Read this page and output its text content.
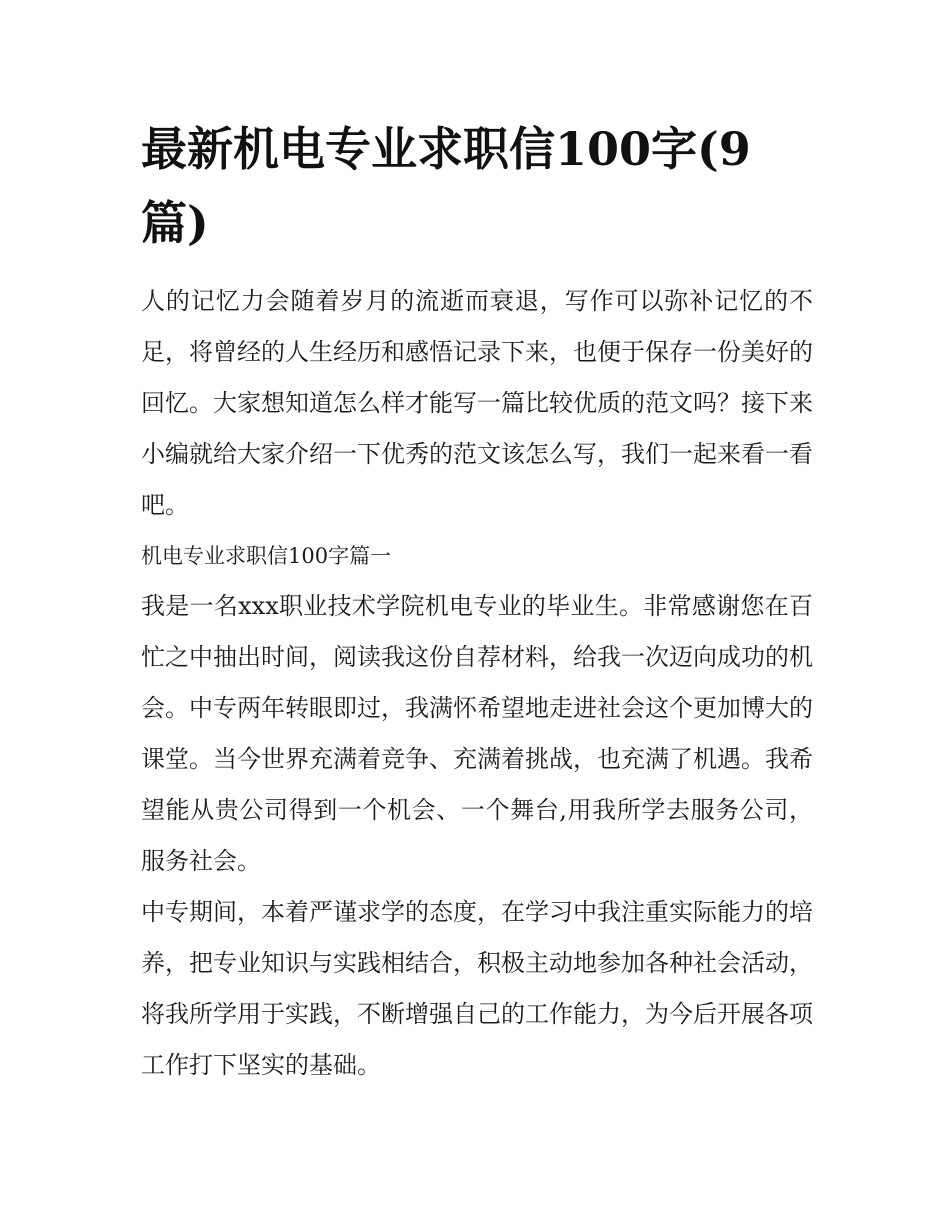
最新机电专业求职信100字(9篇)

人的记忆力会随着岁月的流逝而衰退，写作可以弥补记忆的不足，将曾经的人生经历和感悟记录下来，也便于保存一份美好的回忆。大家想知道怎么样才能写一篇比较优质的范文吗？接下来小编就给大家介绍一下优秀的范文该怎么写，我们一起来看一看吧。

机电专业求职信100字篇一

我是一名xxx职业技术学院机电专业的毕业生。非常感谢您在百忙之中抽出时间，阅读我这份自荐材料，给我一次迈向成功的机会。中专两年转眼即过，我满怀希望地走进社会这个更加博大的课堂。当今世界充满着竞争、充满着挑战，也充满了机遇。我希望能从贵公司得到一个机会、一个舞台,用我所学去服务公司，服务社会。

中专期间，本着严谨求学的态度，在学习中我注重实际能力的培养，把专业知识与实践相结合，积极主动地参加各种社会活动，将我所学用于实践，不断增强自己的工作能力，为今后开展各项工作打下坚实的基础。
